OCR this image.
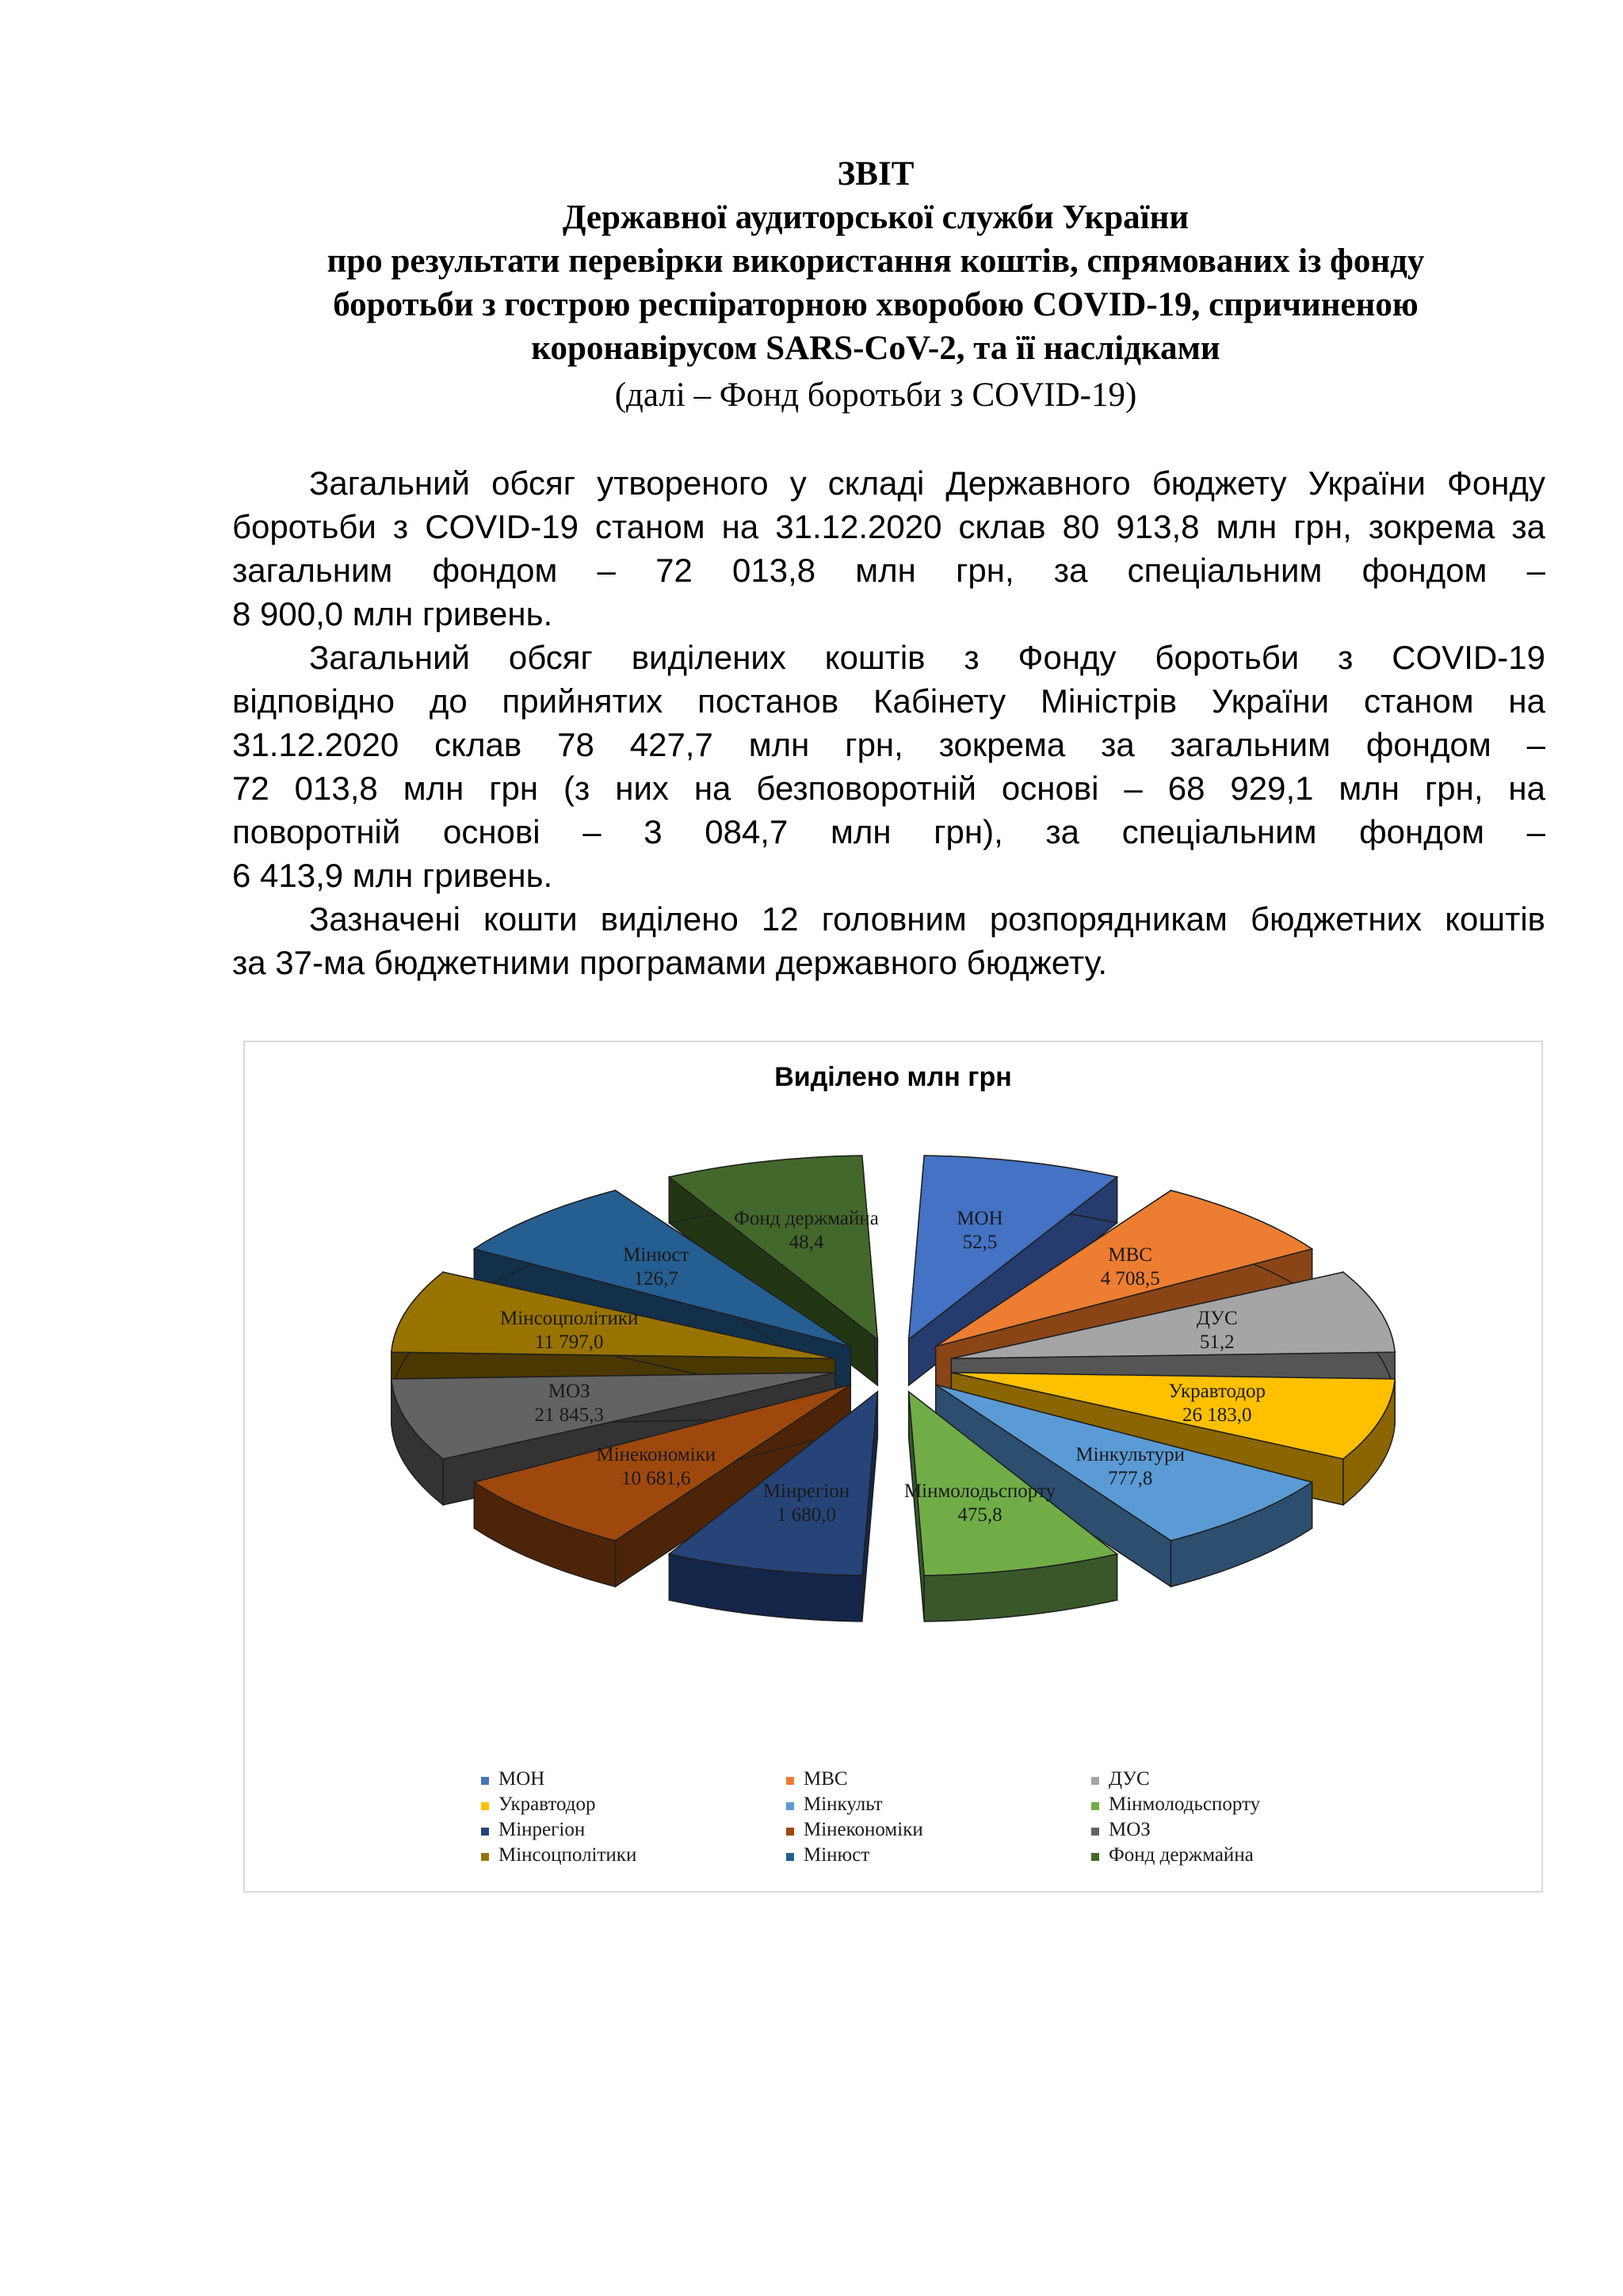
ЗВІТ
Державної аудиторської служби України
про результати перевірки використання коштів, спрямованих із фонду
боротьби з гострою респіраторною хворобою COVID-19, спричиненою
коронавірусом SARS-CoV-2, та її наслідками
(далі – Фонд боротьби з COVID-19)
Загальний обсяг утвореного у складі Державного бюджету України Фонду
боротьби з COVID-19 станом на 31.12.2020 склав 80 913,8 млн грн, зокрема за
загальним фондом – 72 013,8 млн грн, за спеціальним фондом –
8 900,0 млн гривень.
Загальний обсяг виділених коштів з Фонду боротьби з COVID-19
відповідно до прийнятих постанов Кабінету Міністрів України станом на
31.12.2020 склав 78 427,7 млн грн, зокрема за загальним фондом –
72 013,8 млн грн (з них на безповоротній основі – 68 929,1 млн грн, на
поворотній основі – 3 084,7 млн грн), за спеціальним фондом –
6 413,9 млн гривень.
Зазначені кошти виділено 12 головним розпорядникам бюджетних коштів
за 37-ма бюджетними програмами державного бюджету.
Виділено млн грн
МОН
52,5
МВС
4 708,5
ДУС
51,2
Укравтодор
26 183,0
Мінкультури
777,8
Мінмолодьспорту
475,8
Мінрегіон
1 680,0
Мінекономіки
10 681,6
МОЗ
21 845,3
Мінсоцполітики
11 797,0
Мінюст
126,7
Фонд держмайна
48,4
МОН	МВС	ДУС
Укравтодор	Мінкульт	Мінмолодьспорту
Мінрегіон	Мінекономіки	МОЗ
Мінсоцполітики	Мінюст	Фонд держмайна
